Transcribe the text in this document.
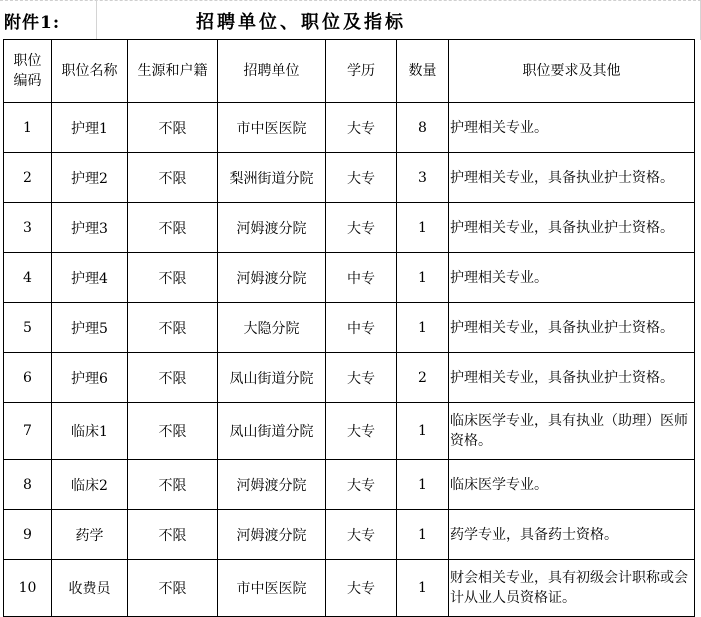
附件1:	招聘单位、职位及指标
职位
编码	职位名称	生源和户籍	招聘单位	学历	数量	职位要求及其他
1	护理1	不限	市中医医院	大专	8	护理相关专业。
2	护理2	不限	梨洲街道分院	大专	3	护理相关专业，具备执业护士资格。
3	护理3	不限	河姆渡分院	大专	1	护理相关专业，具备执业护士资格。
4	护理4	不限	河姆渡分院	中专	1	护理相关专业。
5	护理5	不限	大隐分院	中专	1	护理相关专业，具备执业护士资格。
6	护理6	不限	凤山街道分院	大专	2	护理相关专业，具备执业护士资格。
7	临床1	不限	凤山街道分院	大专	1	临床医学专业，具有执业（助理）医师资格。
8	临床2	不限	河姆渡分院	大专	1	临床医学专业。
9	药学	不限	河姆渡分院	大专	1	药学专业，具备药士资格。
10	收费员	不限	市中医医院	大专	1	财会相关专业，具有初级会计职称或会计从业人员资格证。
